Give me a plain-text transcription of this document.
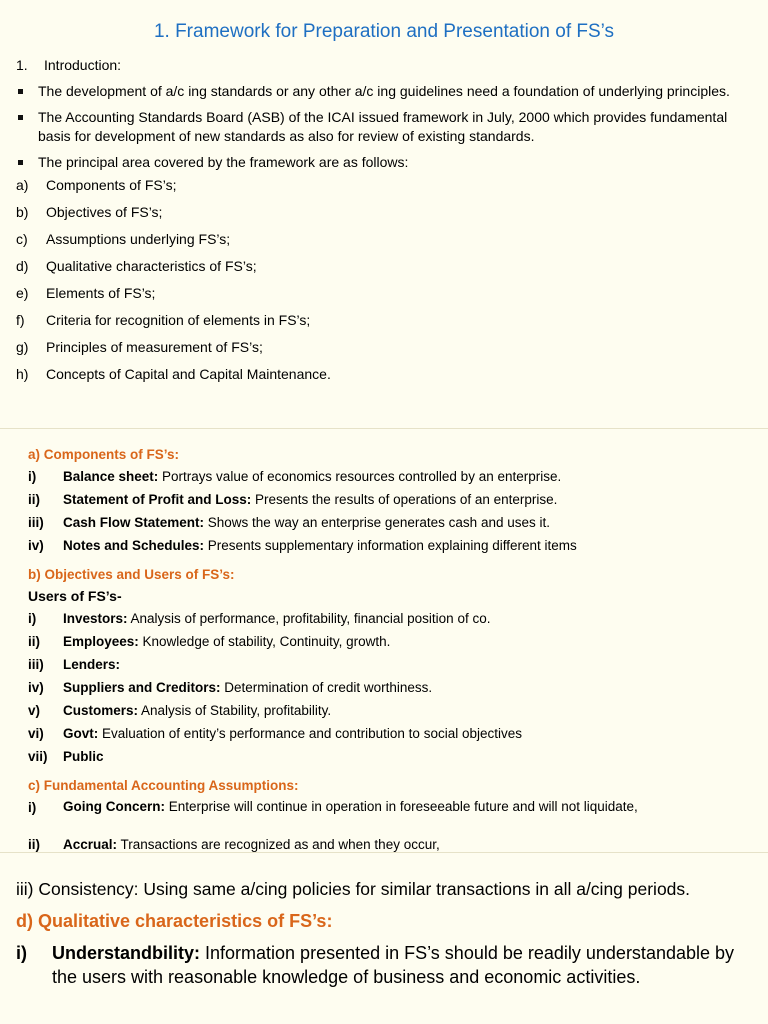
1. Framework for Preparation and Presentation of FS’s
1. Introduction:
The development of a/c ing standards or any other a/c ing guidelines need a foundation of underlying principles.
The Accounting Standards Board (ASB) of the ICAI issued framework in July, 2000 which provides fundamental basis for development of new standards as also for review of existing standards.
The principal area covered by the framework are as follows:
a)	Components of FS’s;
b)	Objectives of FS’s;
c)	Assumptions underlying FS’s;
d)	Qualitative characteristics of FS’s;
e)	Elements of FS’s;
f)	Criteria for recognition of elements in FS’s;
g)	Principles of measurement of FS’s;
h)	Concepts of Capital and Capital Maintenance.
a) Components of FS’s:
i)	Balance sheet: Portrays value of economics resources controlled by an enterprise.
ii)	Statement of Profit and Loss: Presents the results of operations of an enterprise.
iii)	Cash Flow Statement: Shows the way an enterprise generates cash and uses it.
iv)	Notes and Schedules: Presents supplementary information explaining different items
b) Objectives and Users of FS’s:
Users of FS’s-
i)	Investors: Analysis of performance, profitability, financial position of co.
ii)	Employees: Knowledge of stability, Continuity, growth.
iii)	Lenders:
iv)	Suppliers and Creditors: Determination of credit worthiness.
v)	Customers: Analysis of Stability, profitability.
vi)	Govt: Evaluation of entity’s performance and contribution to social objectives
vii)	Public
c) Fundamental Accounting Assumptions:
i)	Going Concern: Enterprise will continue in operation in foreseeable future and will not liquidate,
ii)	Accrual: Transactions are recognized as and when they occur,
iii) Consistency: Using same a/cing policies for similar transactions in all a/cing periods.
d) Qualitative characteristics of FS’s:
i)	Understandbility: Information presented in FS’s should be readily understandable by the users with reasonable knowledge of business and economic activities.
